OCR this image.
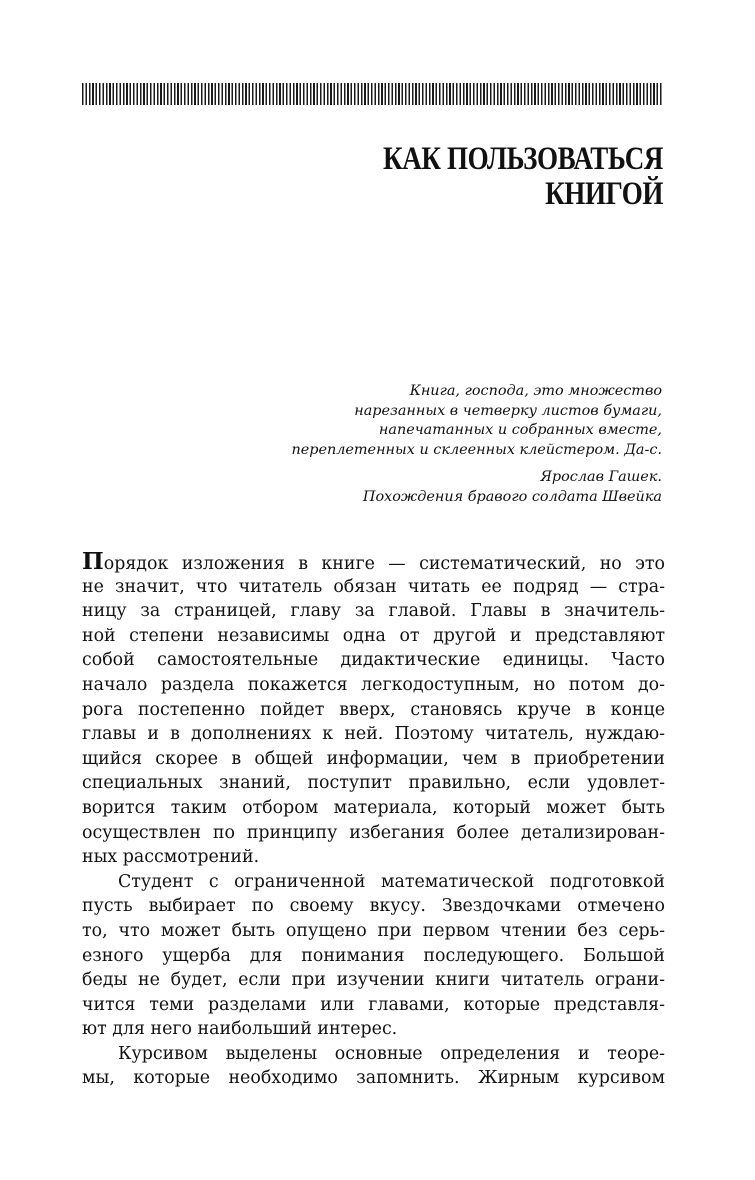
КАК ПОЛЬЗОВАТЬСЯ
КНИГОЙ
Книга, господа, это множество
нарезанных в четверку листов бумаги,
напечатанных и собранных вместе,
переплетенных и склеенных клейстером. Да-с.
Ярослав Гашек.
Похождения бравого солдата Швейка
Порядок изложения в книге — систематический, но это
не значит, что читатель обязан читать ее подряд — стра-
ницу за страницей, главу за главой. Главы в значитель-
ной степени независимы одна от другой и представляют
собой самостоятельные дидактические единицы. Часто
начало раздела покажется легкодоступным, но потом до-
рога постепенно пойдет вверх, становясь круче в конце
главы и в дополнениях к ней. Поэтому читатель, нуждаю-
щийся скорее в общей информации, чем в приобретении
специальных знаний, поступит правильно, если удовлет-
ворится таким отбором материала, который может быть
осуществлен по принципу избегания более детализирован-
ных рассмотрений.
Студент с ограниченной математической подготовкой
пусть выбирает по своему вкусу. Звездочками отмечено
то, что может быть опущено при первом чтении без серь-
езного ущерба для понимания последующего. Большой
беды не будет, если при изучении книги читатель ограни-
чится теми разделами или главами, которые представля-
ют для него наибольший интерес.
Курсивом выделены основные определения и теоре-
мы, которые необходимо запомнить. Жирным курсивом
